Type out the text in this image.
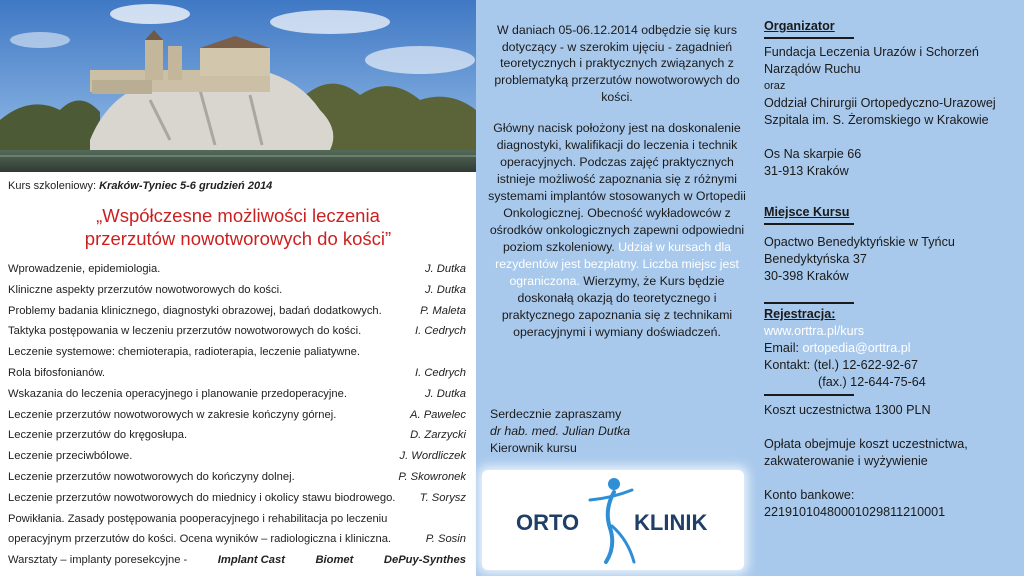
Kurs szkoleniowy: Kraków-Tyniec 5-6 grudzień 2014
„Współczesne możliwości leczenia
przerzutów nowotworowych do kości”
Wprowadzenie, epidemiologia.	J. Dutka
Kliniczne aspekty przerzutów nowotworowych do kości.	J. Dutka
Problemy badania klinicznego, diagnostyki obrazowej, badań dodatkowych.	P. Maleta
Taktyka postępowania w leczeniu przerzutów nowotworowych do kości.	I. Cedrych
Leczenie systemowe: chemioterapia, radioterapia, leczenie paliatywne.
Rola bifosfonianów.	I. Cedrych
Wskazania do leczenia operacyjnego i planowanie przedoperacyjne.	J. Dutka
Leczenie przerzutów nowotworowych w zakresie kończyny górnej.	A. Pawelec
Leczenie przerzutów do kręgosłupa.	D. Zarzycki
Leczenie przeciwbólowe.	J. Wordliczek
Leczenie przerzutów nowotworowych do kończyny dolnej.	P. Skowronek
Leczenie przerzutów nowotworowych do miednicy i okolicy stawu biodrowego. T. Sorysz
Powikłania. Zasady postępowania pooperacyjnego i rehabilitacja po leczeniu
operacyjnym przerzutów do kości. Ocena wyników – radiologiczna i kliniczna.	P. Sosin
Warsztaty – implanty poresekcyjne -	Implant Cast	Biomet	DePuy-Synthes

W daniach 05-06.12.2014 odbędzie się kurs dotyczący - w szerokim ujęciu - zagadnień teoretycznych i praktycznych związanych z problematyką przerzutów nowotworowych do kości.

Główny nacisk położony jest na doskonalenie diagnostyki, kwalifikacji do leczenia i technik operacyjnych. Podczas zajęć praktycznych istnieje możliwość zapoznania się z różnymi systemami implantów stosowanych w Ortopedii Onkologicznej. Obecność wykładowców z ośrodków onkologicznych zapewni odpowiedni poziom szkoleniowy. Udział w kursach dla rezydentów jest bezpłatny. Liczba miejsc jest ograniczona. Wierzymy, że Kurs będzie doskonałą okazją do teoretycznego i praktycznego zapoznania się z technikami operacyjnymi i wymiany doświadczeń.
Serdecznie zapraszamy
dr hab. med. Julian Dutka
Kierownik kursu
ORTO KLINIK
Organizator
Fundacja Leczenia Urazów i Schorzeń
Narządów Ruchu
oraz
Oddział Chirurgii Ortopedyczno-Urazowej
Szpitala im. S. Żeromskiego w Krakowie
Os Na skarpie 66
31-913 Kraków
Miejsce Kursu
Opactwo Benedyktyńskie w Tyńcu
Benedyktyńska 37
30-398 Kraków
Rejestracja:
www.orttra.pl/kurs
Email: ortopedia@orttra.pl
Kontakt: (tel.) 12-622-92-67
(fax.) 12-644-75-64
Koszt uczestnictwa 1300 PLN
Opłata obejmuje koszt uczestnictwa,
zakwaterowanie i wyżywienie
Konto bankowe:
22191010480001029811210001
